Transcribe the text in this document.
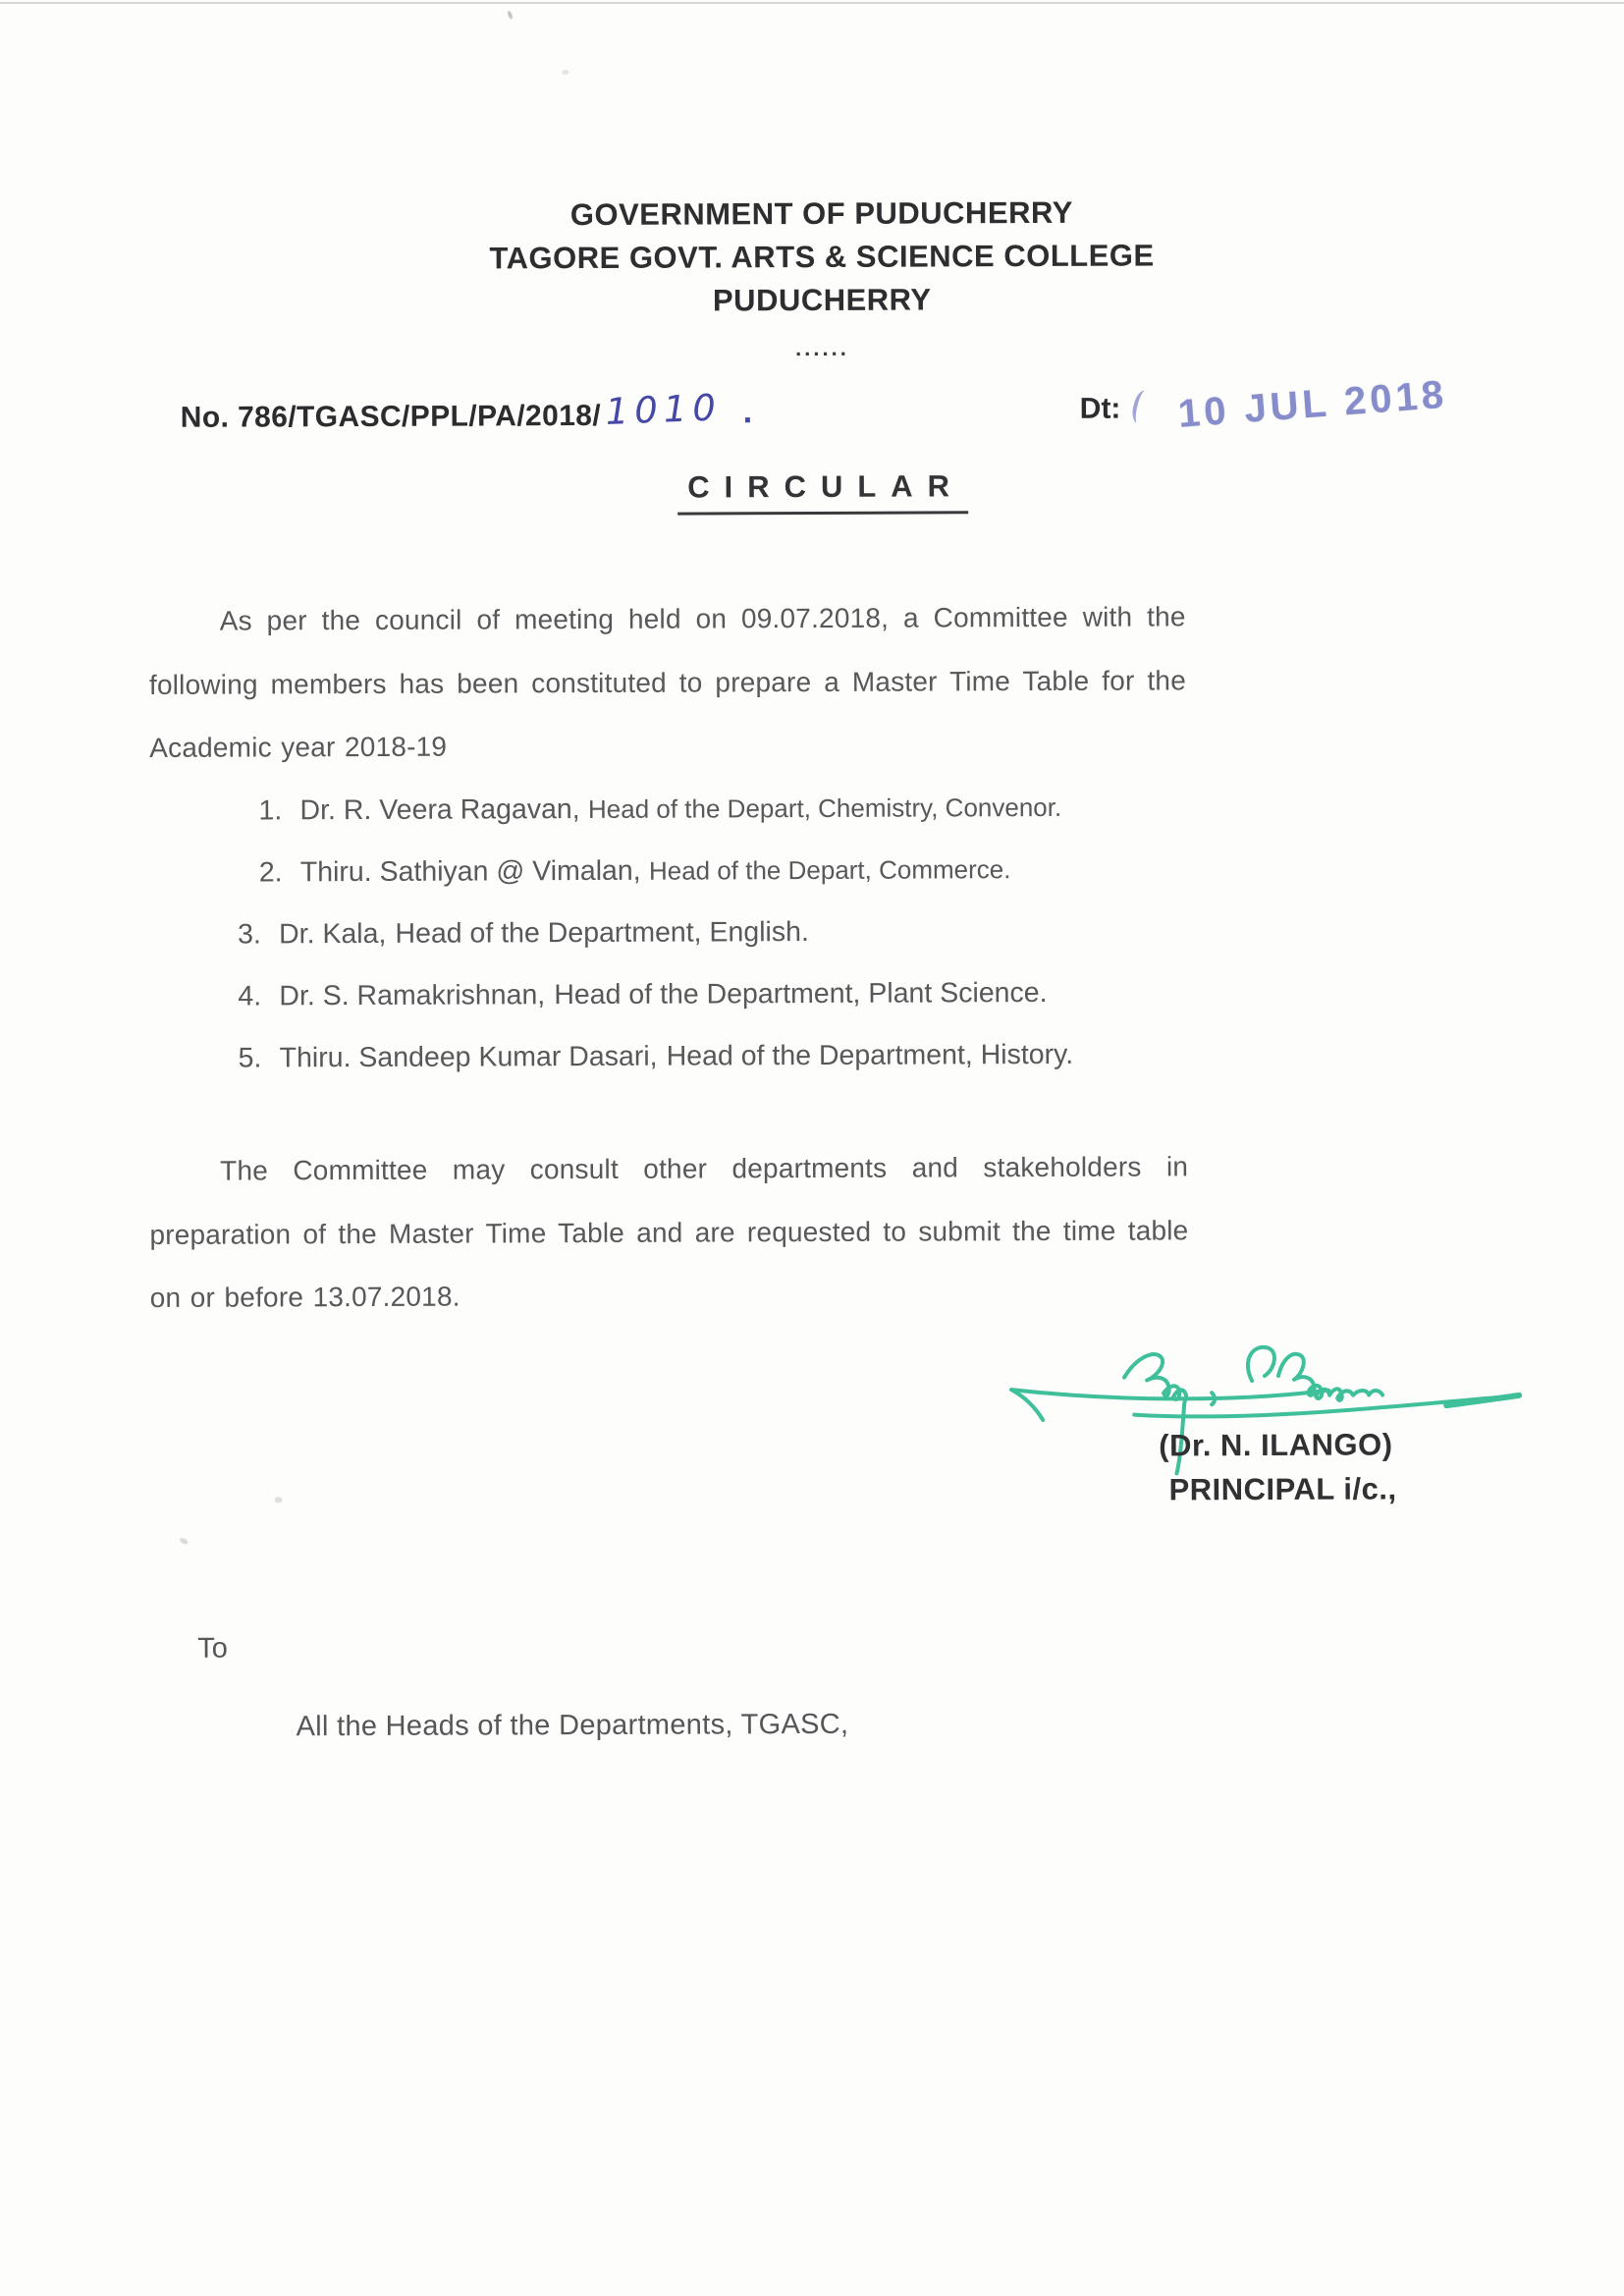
GOVERNMENT OF PUDUCHERRY
TAGORE GOVT. ARTS & SCIENCE COLLEGE
PUDUCHERRY
......
No. 786/TGASC/PPL/PA/2018/ 1010 .	Dt: 10 JUL 2018
CIRCULAR

As per the council of meeting held on 09.07.2018, a Committee with the following members has been constituted to prepare a Master Time Table for the Academic year 2018-19

1. Dr. R. Veera Ragavan, Head of the Depart, Chemistry, Convenor.
2. Thiru. Sathiyan @ Vimalan, Head of the Depart, Commerce.
3. Dr. Kala, Head of the Department, English.
4. Dr. S. Ramakrishnan, Head of the Department, Plant Science.
5. Thiru. Sandeep Kumar Dasari, Head of the Department, History.

The Committee may consult other departments and stakeholders in preparation of the Master Time Table and are requested to submit the time table on or before 13.07.2018.

(Dr. N. ILANGO)
PRINCIPAL i/c.,
To
All the Heads of the Departments, TGASC,
